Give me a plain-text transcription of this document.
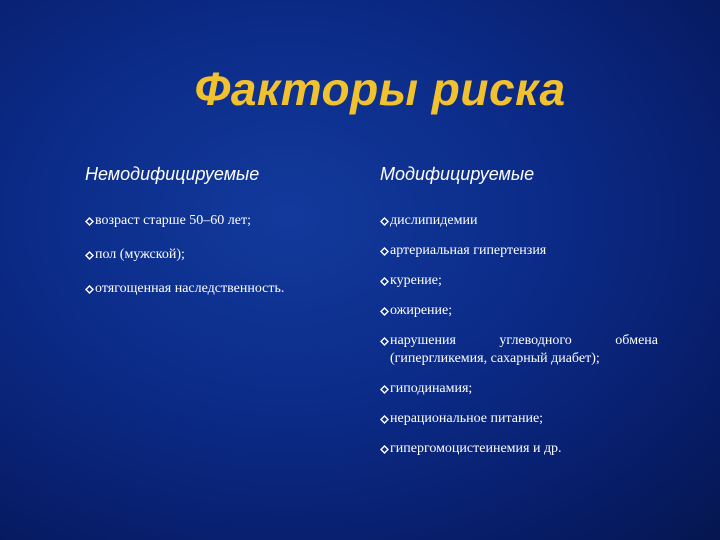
Факторы риска
Немодифицируемые	Модифицируемые
возраст старше 50–60 лет;
пол (мужской);
отягощенная наследственность.
дислипидемии
артериальная гипертензия
курение;
ожирение;
нарушения углеводного обмена (гипергликемия, сахарный диабет);
гиподинамия;
нерациональное питание;
гипергомоцистеинемия и др.
